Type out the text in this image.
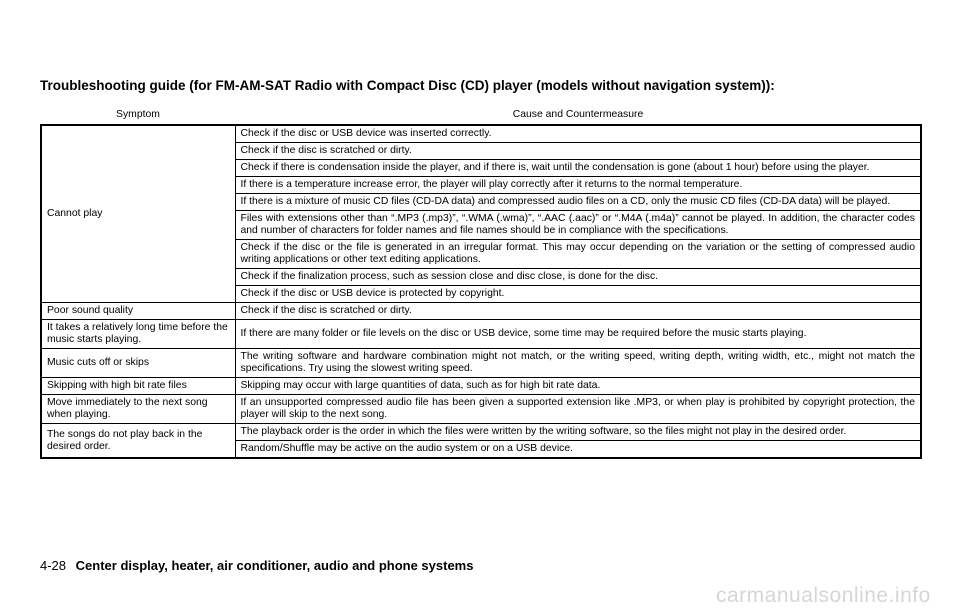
Troubleshooting guide (for FM-AM-SAT Radio with Compact Disc (CD) player (models without navigation system)):
Symptom	Cause and Countermeasure
Cannot play	Check if the disc or USB device was inserted correctly.
	Check if the disc is scratched or dirty.
	Check if there is condensation inside the player, and if there is, wait until the condensation is gone (about 1 hour) before using the player.
	If there is a temperature increase error, the player will play correctly after it returns to the normal temperature.
	If there is a mixture of music CD files (CD-DA data) and compressed audio files on a CD, only the music CD files (CD-DA data) will be played.
	Files with extensions other than “.MP3 (.mp3)”, “.WMA (.wma)”, “.AAC (.aac)” or “.M4A (.m4a)” cannot be played. In addition, the character codes and number of characters for folder names and file names should be in compliance with the specifications.
	Check if the disc or the file is generated in an irregular format. This may occur depending on the variation or the setting of compressed audio writing applications or other text editing applications.
	Check if the finalization process, such as session close and disc close, is done for the disc.
	Check if the disc or USB device is protected by copyright.
Poor sound quality	Check if the disc is scratched or dirty.
It takes a relatively long time before the music starts playing.	If there are many folder or file levels on the disc or USB device, some time may be required before the music starts playing.
Music cuts off or skips	The writing software and hardware combination might not match, or the writing speed, writing depth, writing width, etc., might not match the specifications. Try using the slowest writing speed.
Skipping with high bit rate files	Skipping may occur with large quantities of data, such as for high bit rate data.
Move immediately to the next song when playing.	If an unsupported compressed audio file has been given a supported extension like .MP3, or when play is prohibited by copyright protection, the player will skip to the next song.
The songs do not play back in the desired order.	The playback order is the order in which the files were written by the writing software, so the files might not play in the desired order.
	Random/Shuffle may be active on the audio system or on a USB device.
4-28 Center display, heater, air conditioner, audio and phone systems
carmanualsonline.info
